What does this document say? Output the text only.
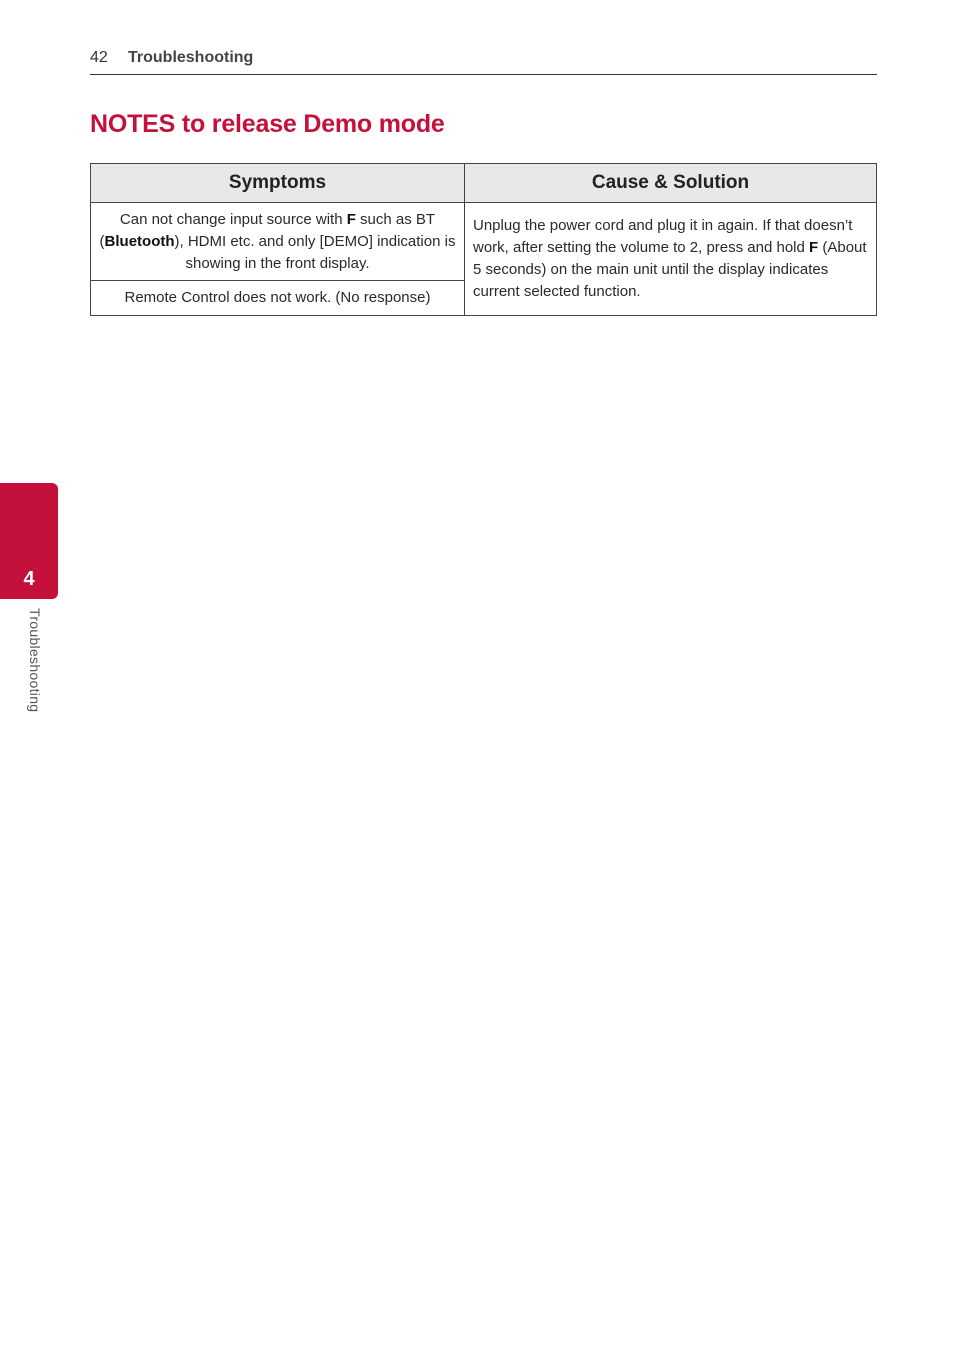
42 Troubleshooting
NOTES to release Demo mode
Symptoms	Cause & Solution
Can not change input source with F such as BT (Bluetooth), HDMI etc. and only [DEMO] indication is showing in the front display.	Unplug the power cord and plug it in again. If that doesn’t work, after setting the volume to 2, press and hold F (About 5 seconds) on the main unit until the display indicates current selected function.
Remote Control does not work. (No response)	
4
Troubleshooting
